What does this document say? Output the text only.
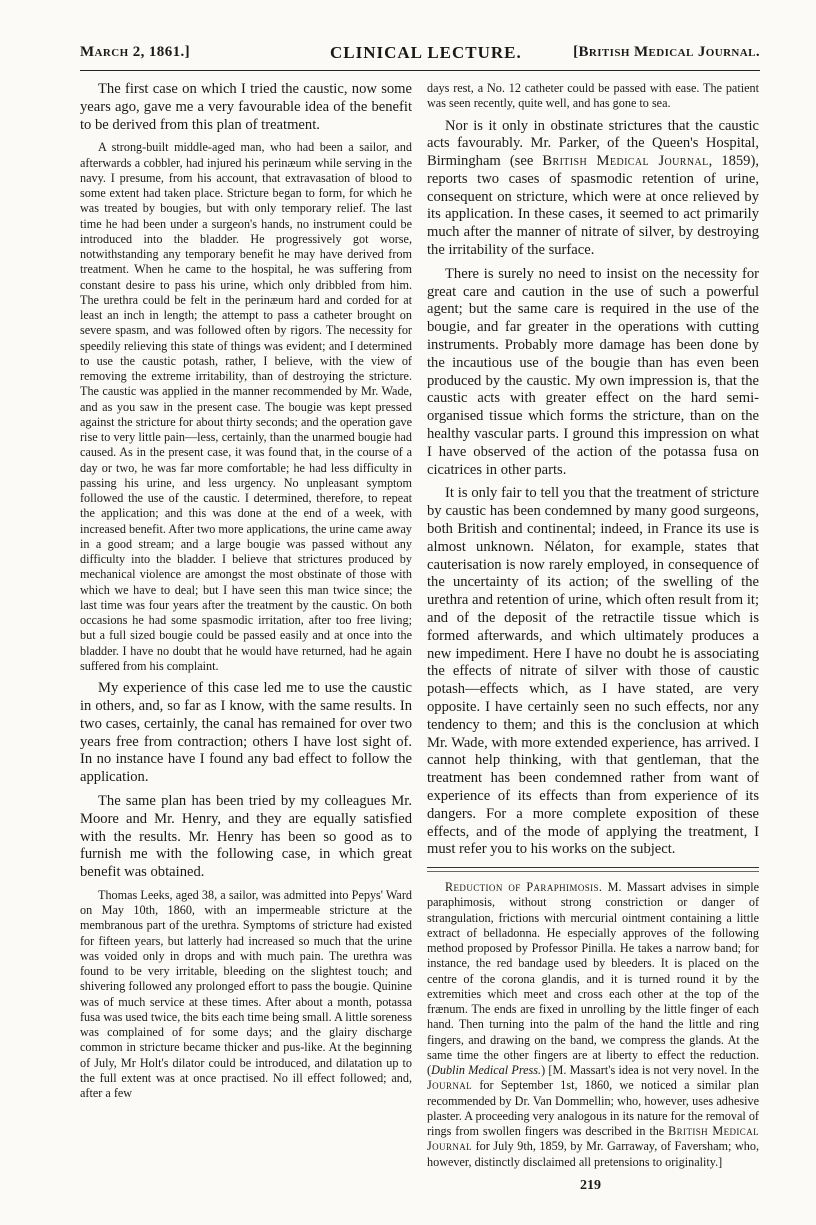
March 2, 1861.]	CLINICAL LECTURE.	[British Medical Journal.

The first case on which I tried the caustic, now some years ago, gave me a very favourable idea of the benefit to be derived from this plan of treatment.

A strong-built middle-aged man, who had been a sailor, and afterwards a cobbler, had injured his perinæum while serving in the navy. I presume, from his account, that extravasation of blood to some extent had taken place. Stricture began to form, for which he was treated by bougies, but with only temporary relief. The last time he had been under a surgeon's hands, no instrument could be introduced into the bladder. He progressively got worse, notwithstanding any temporary benefit he may have derived from treatment. When he came to the hospital, he was suffering from constant desire to pass his urine, which only dribbled from him. The urethra could be felt in the perinæum hard and corded for at least an inch in length; the attempt to pass a catheter brought on severe spasm, and was followed often by rigors. The necessity for speedily relieving this state of things was evident; and I determined to use the caustic potash, rather, I believe, with the view of removing the extreme irritability, than of destroying the stricture. The caustic was applied in the manner recommended by Mr. Wade, and as you saw in the present case. The bougie was kept pressed against the stricture for about thirty seconds; and the operation gave rise to very little pain—less, certainly, than the unarmed bougie had caused. As in the present case, it was found that, in the course of a day or two, he was far more comfortable; he had less difficulty in passing his urine, and less urgency. No unpleasant symptom followed the use of the caustic. I determined, therefore, to repeat the application; and this was done at the end of a week, with increased benefit. After two more applications, the urine came away in a good stream; and a large bougie was passed without any difficulty into the bladder. I believe that strictures produced by mechanical violence are amongst the most obstinate of those with which we have to deal; but I have seen this man twice since; the last time was four years after the treatment by the caustic. On both occasions he had some spasmodic irritation, after too free living; but a full sized bougie could be passed easily and at once into the bladder. I have no doubt that he would have returned, had he again suffered from his complaint.

My experience of this case led me to use the caustic in others, and, so far as I know, with the same results. In two cases, certainly, the canal has remained for over two years free from contraction; others I have lost sight of. In no instance have I found any bad effect to follow the application.

The same plan has been tried by my colleagues Mr. Moore and Mr. Henry, and they are equally satisfied with the results. Mr. Henry has been so good as to furnish me with the following case, in which great benefit was obtained.

Thomas Leeks, aged 38, a sailor, was admitted into Pepys' Ward on May 10th, 1860, with an impermeable stricture at the membranous part of the urethra. Symptoms of stricture had existed for fifteen years, but latterly had increased so much that the urine was voided only in drops and with much pain. The urethra was found to be very irritable, bleeding on the slightest touch; and shivering followed any prolonged effort to pass the bougie. Quinine was of much service at these times. After about a month, potassa fusa was used twice, the bits each time being small. A little soreness was complained of for some days; and the glairy discharge common in stricture became thicker and pus-like. At the beginning of July, Mr Holt's dilator could be introduced, and dilatation up to the full extent was at once practised. No ill effect followed; and, after a few

days rest, a No. 12 catheter could be passed with ease. The patient was seen recently, quite well, and has gone to sea.

Nor is it only in obstinate strictures that the caustic acts favourably. Mr. Parker, of the Queen's Hospital, Birmingham (see British Medical Journal, 1859), reports two cases of spasmodic retention of urine, consequent on stricture, which were at once relieved by its application. In these cases, it seemed to act primarily much after the manner of nitrate of silver, by destroying the irritability of the surface.

There is surely no need to insist on the necessity for great care and caution in the use of such a powerful agent; but the same care is required in the use of the bougie, and far greater in the operations with cutting instruments. Probably more damage has been done by the incautious use of the bougie than has even been produced by the caustic. My own impression is, that the caustic acts with greater effect on the hard semi-organised tissue which forms the stricture, than on the healthy vascular parts. I ground this impression on what I have observed of the action of the potassa fusa on cicatrices in other parts.

It is only fair to tell you that the treatment of stricture by caustic has been condemned by many good surgeons, both British and continental; indeed, in France its use is almost unknown. Nélaton, for example, states that cauterisation is now rarely employed, in consequence of the uncertainty of its action; of the swelling of the urethra and retention of urine, which often result from it; and of the deposit of the retractile tissue which is formed afterwards, and which ultimately produces a new impediment. Here I have no doubt he is associating the effects of nitrate of silver with those of caustic potash—effects which, as I have stated, are very opposite. I have certainly seen no such effects, nor any tendency to them; and this is the conclusion at which Mr. Wade, with more extended experience, has arrived. I cannot help thinking, with that gentleman, that the treatment has been condemned rather from want of experience of its effects than from experience of its dangers. For a more complete exposition of these effects, and of the mode of applying the treatment, I must refer you to his works on the subject.

Reduction of Paraphimosis. M. Massart advises in simple paraphimosis, without strong constriction or danger of strangulation, frictions with mercurial ointment containing a little extract of belladonna. He especially approves of the following method proposed by Professor Pinilla. He takes a narrow band; for instance, the red bandage used by bleeders. It is placed on the centre of the corona glandis, and it is turned round it by the extremities which meet and cross each other at the top of the frænum. The ends are fixed in unrolling by the little finger of each hand. Then turning into the palm of the hand the little and ring fingers, and drawing on the band, we compress the glands. At the same time the other fingers are at liberty to effect the reduction. (Dublin Medical Press.) [M. Massart's idea is not very novel. In the Journal for September 1st, 1860, we noticed a similar plan recommended by Dr. Van Dommellin; who, however, uses adhesive plaster. A proceeding very analogous in its nature for the removal of rings from swollen fingers was described in the British Medical Journal for July 9th, 1859, by Mr. Garraway, of Faversham; who, however, distinctly disclaimed all pretensions to originality.]

219
